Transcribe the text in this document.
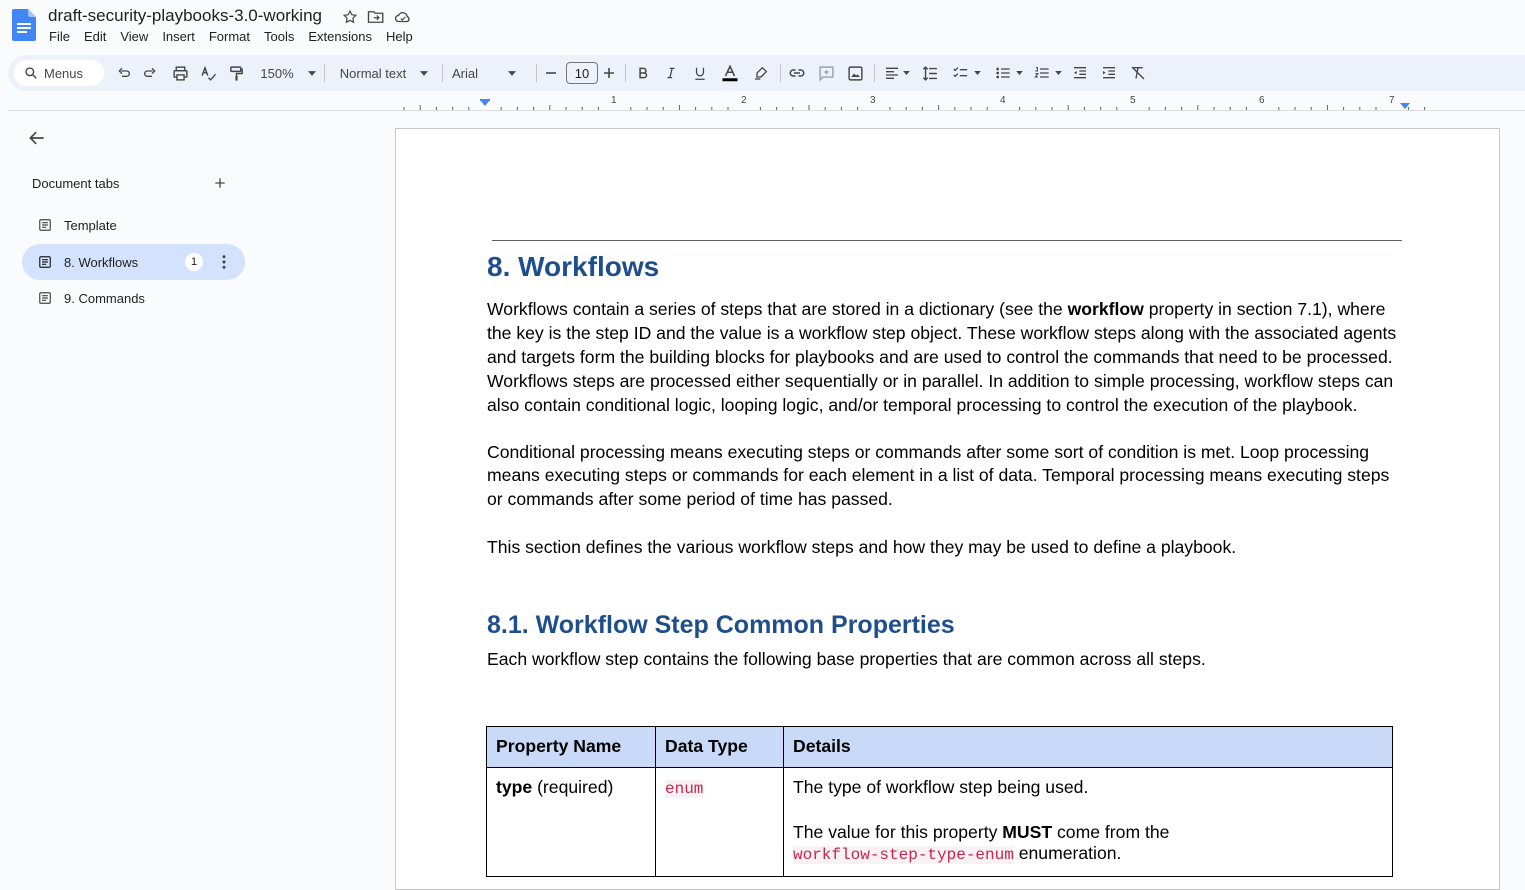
draft-security-playbooks-3.0-working
File	Edit	View	Insert	Format	Tools	Extensions	Help
Menus	150%	Normal text	Arial	10
1	2	3	4	5	6	7
Document tabs
Template
8. Workflows	1
9. Commands
8. Workflows

Workflows contain a series of steps that are stored in a dictionary (see the workflow property in section 7.1), where the key is the step ID and the value is a workflow step object. These workflow steps along with the associated agents and targets form the building blocks for playbooks and are used to control the commands that need to be processed. Workflows steps are processed either sequentially or in parallel. In addition to simple processing, workflow steps can also contain conditional logic, looping logic, and/or temporal processing to control the execution of the playbook.

Conditional processing means executing steps or commands after some sort of condition is met. Loop processing means executing steps or commands for each element in a list of data. Temporal processing means executing steps or commands after some period of time has passed.

This section defines the various workflow steps and how they may be used to define a playbook.

8.1. Workflow Step Common Properties

Each workflow step contains the following base properties that are common across all steps.

Property Name	Data Type	Details
type (required)	enum	The type of workflow step being used.
The value for this property MUST come from the
workflow-step-type-enum enumeration.
